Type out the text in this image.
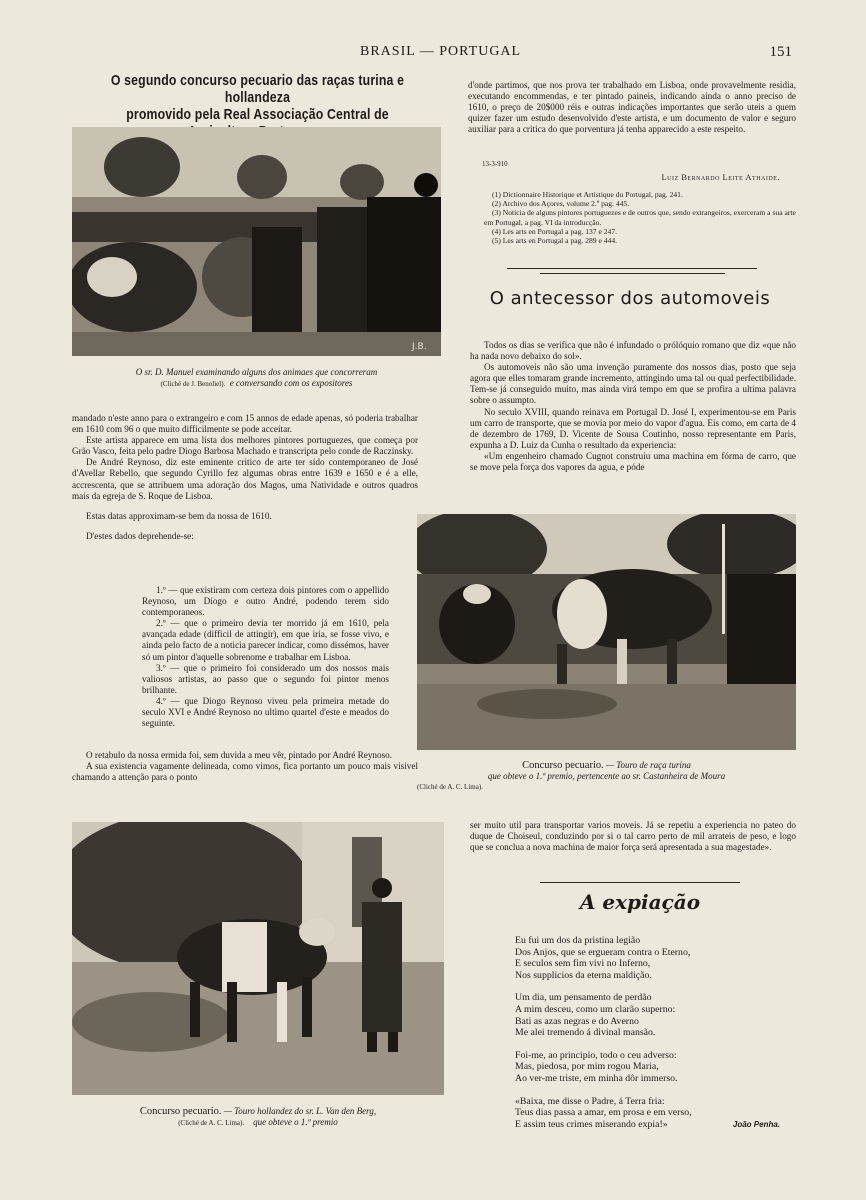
BRASIL — PORTUGAL	151
O segundo concurso pecuario das raças turina e hollandeza
promovido pela Real Associação Central de
J.B.
O sr. D. Manuel examinando alguns dos animaes que concorreram
(Cliché de J. Benoliel). e conversando com os expositores

mandado n'este anno para o extrangeiro e com 15 annos de edade apenas, só poderia trabalhar em 1610 com 96 o que muito difficilmente se pode acceitar.

Este artista apparece em uma lista dos melhores pintores portuguezes, que começa por Grão Vasco, feita pelo padre Diogo Barbosa Machado e transcripta pelo conde de Raczinsky.

De André Reynoso, diz este eminente critico de arte ter sido contemporaneo de José d'Avellar Rebello, que segundo Cyrillo fez algumas obras entre 1639 e 1650 e é a elle, accrescenta, que se attribuem uma adoração dos Magos, uma Natividade e outros quadros mais da egreja de S. Roque de Lisboa.

Estas datas approximam-se bem da nossa de 1610.

D'estes dados deprehende-se:

1.º — que existiram com certeza dois pintores com o appellido Reynoso, um Diogo e outro André, podendo terem sido contemporaneos.

2.º — que o primeiro devia ter morrido já em 1610, pela avançada edade (difficil de attingir), em que iria, se fosse vivo, e ainda pelo facto de a noticia parecer indicar, como dissémos, haver só um pintor d'aquelle sobrenome e trabalhar em Lisboa.

3.º — que o primeiro foi considerado um dos nossos mais valiosos artistas, ao passo que o segundo foi pintor menos brilhante.

4.º — que Diogo Reynoso viveu pela primeira metade do seculo XVI e André Reynoso no ultimo quartel d'este e meados do seguinte.

O retabulo da nossa ermida foi, sem duvida a meu vêr, pintado por André Reynoso.

A sua existencia vagamente delineada, como vimos, fica portanto um pouco mais visivel chamando a attenção para o ponto

d'onde partimos, que nos prova ter trabalhado em Lisboa, onde provavelmente residia, executando encommendas, e ter pintado paineis, indicando ainda o anno preciso de 1610, o preço de 20$000 réis e outras indicações importantes que serão uteis a quem quizer fazer um estudo desenvolvido d'este artista, e um documento de valor e seguro auxiliar para a critica do que porventura já tenha apparecido a este respeito.

13-3-910
Luiz Bernardo Leite Athaide.

(1) Dictionnaire Historique et Artistique du Portugal, pag. 241.

(2) Archivo dos Açores, volume 2.º pag. 445.

(3) Noticia de alguns pintores portuguezes e de outros que, sendo extrangeiros, exerceram a sua arte em Portugal, a pag. VI da introducção.

(4) Les arts en Portugal a pag. 137 e 247.

(5) Les arts en Portugal a pag. 289 e 444.

O antecessor dos automoveis

Todos os dias se verifica que não é infundado o prólóquio romano que diz «que não ha nada novo debaixo do sol».

Os automoveis não são uma invenção puramente dos nossos dias, posto que seja agora que elles tomaram grande incremento, attingindo uma tal ou qual perfectibilidade. Tem-se já conseguido muito, mas ainda virá tempo em que se profira a ultima palavra sobre o assumpto.

No seculo XVIII, quando reinava em Portugal D. José I, experimentou-se em Paris um carro de transporte, que se movia por meio do vapor d'agua. Eis como, em carta de 4 de dezembro de 1769, D. Vicente de Sousa Coutinho, nosso representante em Paris, expunha a D. Luiz da Cunha o resultado da experiencia:

«Um engenheiro chamado Cugnot construiu uma machina em fórma de carro, que se move pela força dos vapores da agua, e póde

Concurso pecuario. — Touro de raça turina
que obteve o 1.º premio, pertencente ao sr. Castanheira de Moura
(Cliché de A. C. Lima).
Concurso pecuario. — Touro hollandez do sr. L. Van den Berg,
(Cliché de A. C. Lima). que obteve o 1.º premio

ser muito util para transportar varios moveis. Já se repetiu a experiencia no pateo do duque de Choiseul, conduzindo por si o tal carro perto de mil arrateis de peso, e logo que se conclua a nova machina de maior força será apresentada a sua magestade».

A expiação

Eu fui um dos da pristina legião

Dos Anjos, que se ergueram contra o Eterno,

E seculos sem fim vivi no Inferno,

Nos supplicios da eterna maldição.

Um dia, um pensamento de perdão

A mim desceu, como um clarão superno:

Bati as azas negras e do Averno

Me alei tremendo á divinal mansão.

Foi-me, ao principio, todo o ceu adverso:

Mas, piedosa, por mim rogou Maria,

Ao ver-me triste, em minha dôr immerso.

«Baixa, me disse o Padre, á Terra fria:

Teus dias passa a amar, em prosa e em verso,

E assim teus crimes miserando expia!»	João Penha.
